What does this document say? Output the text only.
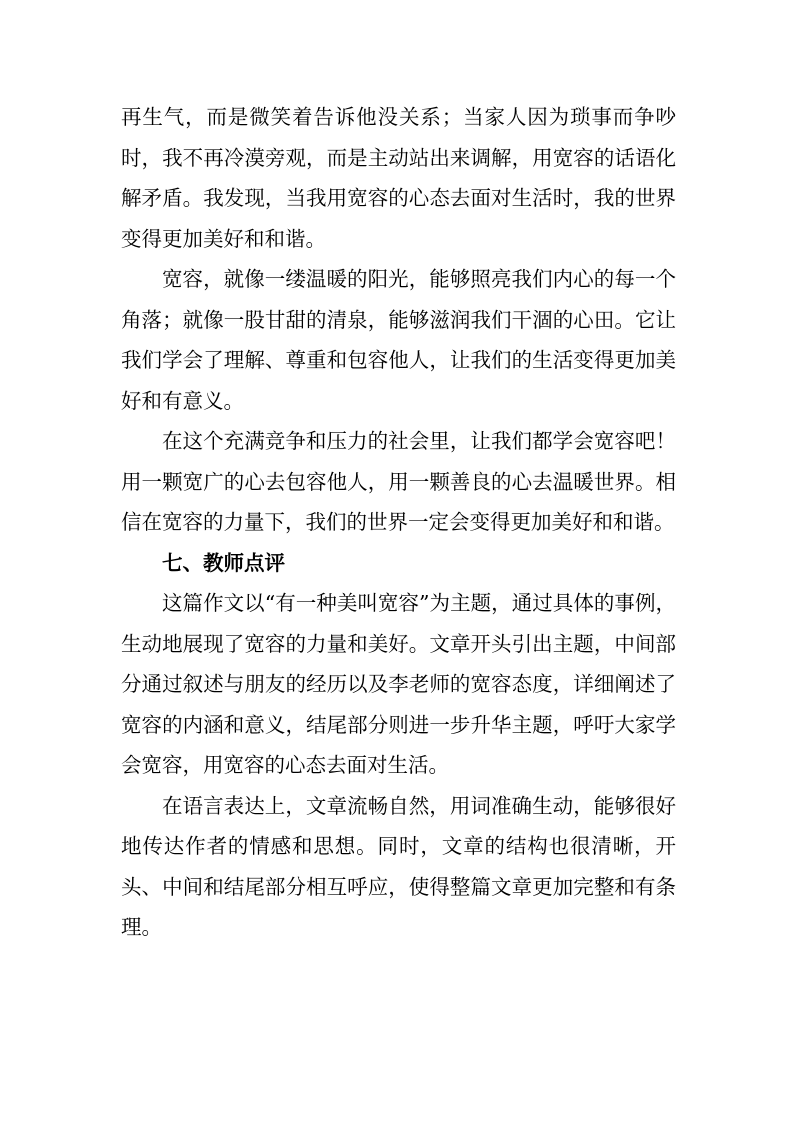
再生气，而是微笑着告诉他没关系；当家人因为琐事而争吵时，我不再冷漠旁观，而是主动站出来调解，用宽容的话语化解矛盾。我发现，当我用宽容的心态去面对生活时，我的世界变得更加美好和和谐。

宽容，就像一缕温暖的阳光，能够照亮我们内心的每一个角落；就像一股甘甜的清泉，能够滋润我们干涸的心田。它让我们学会了理解、尊重和包容他人，让我们的生活变得更加美好和有意义。

在这个充满竞争和压力的社会里，让我们都学会宽容吧！用一颗宽广的心去包容他人，用一颗善良的心去温暖世界。相信在宽容的力量下，我们的世界一定会变得更加美好和和谐。

七、教师点评

这篇作文以“有一种美叫宽容”为主题，通过具体的事例，生动地展现了宽容的力量和美好。文章开头引出主题，中间部分通过叙述与朋友的经历以及李老师的宽容态度，详细阐述了宽容的内涵和意义，结尾部分则进一步升华主题，呼吁大家学会宽容，用宽容的心态去面对生活。

在语言表达上，文章流畅自然，用词准确生动，能够很好地传达作者的情感和思想。同时，文章的结构也很清晰，开头、中间和结尾部分相互呼应，使得整篇文章更加完整和有条理。
